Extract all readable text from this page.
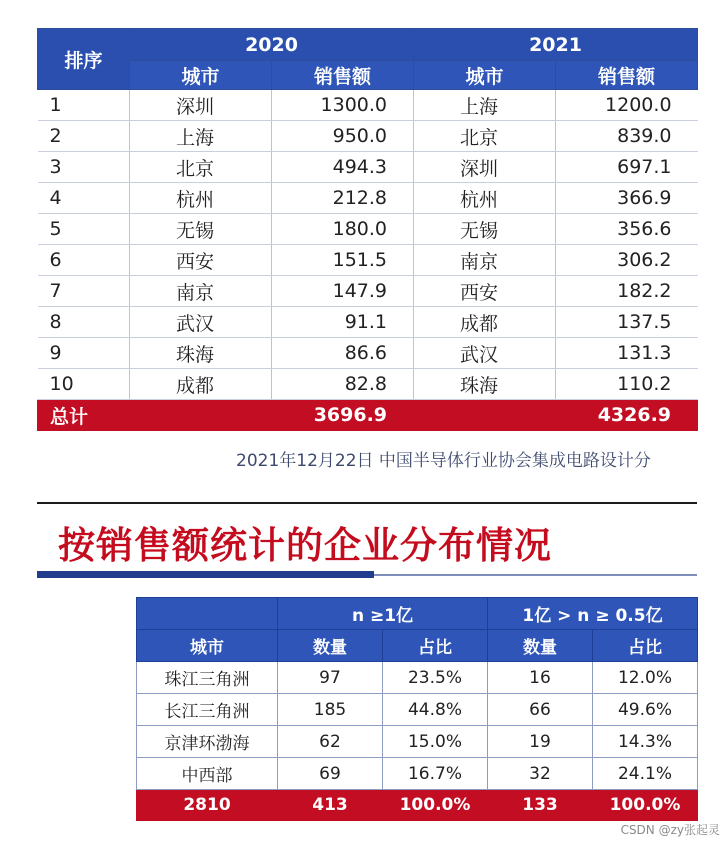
排序	2020		2021	
	城市	销售额	城市	销售额
1	深圳	1300.0	上海	1200.0
2	上海	950.0	北京	839.0
3	北京	494.3	深圳	697.1
4	杭州	212.8	杭州	366.9
5	无锡	180.0	无锡	356.6
6	西安	151.5	南京	306.2
7	南京	147.9	西安	182.2
8	武汉	91.1	成都	137.5
9	珠海	86.6	武汉	131.3
10	成都	82.8	珠海	110.2
总计		3696.9		4326.9
2021年12月22日 中国半导体行业协会集成电路设计分
按销售额统计的企业分布情况
	n ≥1亿		1亿 > n ≥ 0.5亿	
城市	数量	占比	数量	占比
珠江三角洲	97	23.5%	16	12.0%
长江三角洲	185	44.8%	66	49.6%
京津环渤海	62	15.0%	19	14.3%
中西部	69	16.7%	32	24.1%
2810	413	100.0%	133	100.0%
CSDN @zy张起灵
